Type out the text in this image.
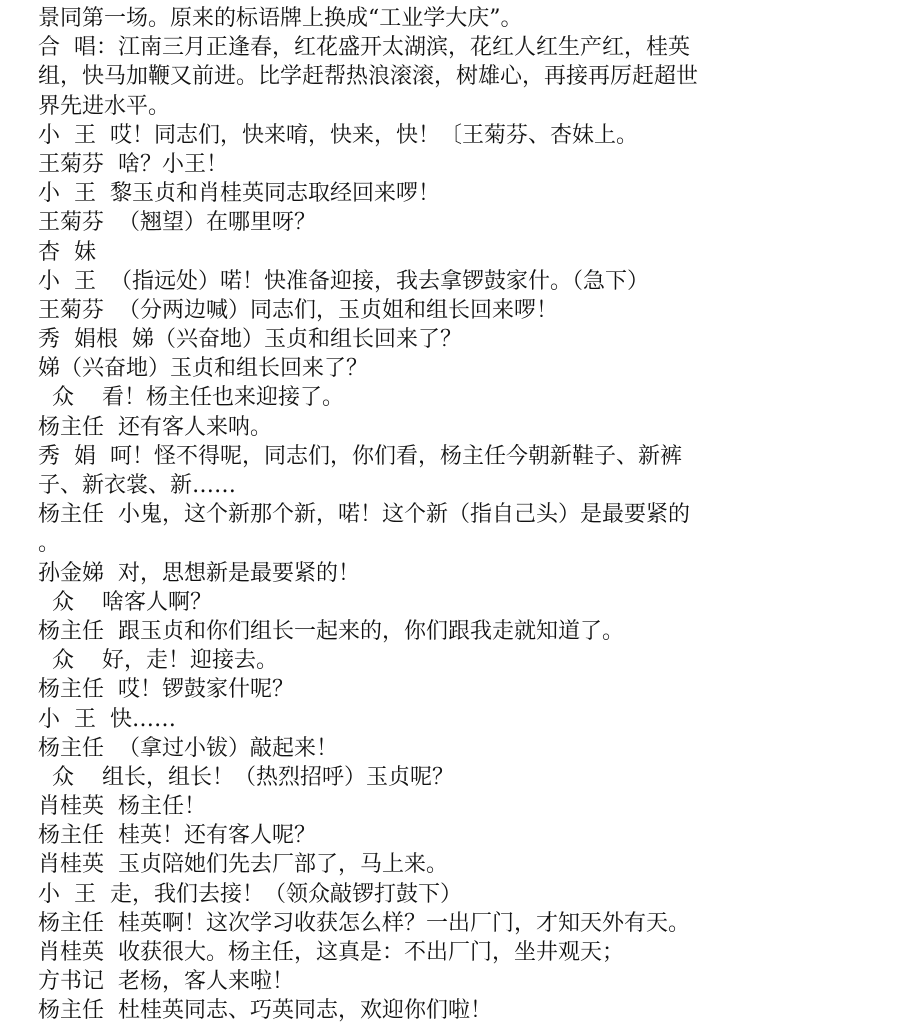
景同第一场。原来的标语牌上换成“工业学大庆”。
合  唱：江南三月正逢春，红花盛开太湖滨，花红人红生产红，桂英
组，快马加鞭又前进。比学赶帮热浪滚滚，树雄心，再接再厉赶超世
界先进水平。
小  王  哎！同志们，快来唷，快来，快！〔王菊芬、杏妹上。
王菊芬  啥？小王！
小  王  黎玉贞和肖桂英同志取经回来啰！
王菊芬  （翘望）在哪里呀？
杏  妹
小  王  （指远处）喏！快准备迎接，我去拿锣鼓家什。（急下）
王菊芬  （分两边喊）同志们，玉贞姐和组长回来啰！
秀  娟根  娣（兴奋地）玉贞和组长回来了？
娣（兴奋地）玉贞和组长回来了？
众    看！杨主任也来迎接了。
杨主任  还有客人来呐。
秀  娟  呵！怪不得呢，同志们，你们看，杨主任今朝新鞋子、新裤
子、新衣裳、新……
杨主任  小鬼，这个新那个新，喏！这个新（指自己头）是最要紧的
。
孙金娣  对，思想新是最要紧的！
众    啥客人啊？
杨主任  跟玉贞和你们组长一起来的，你们跟我走就知道了。
众    好，走！迎接去。
杨主任  哎！锣鼓家什呢？
小  王  快……
杨主任  （拿过小钹）敲起来！
众    组长，组长！（热烈招呼）玉贞呢？
肖桂英  杨主任！
杨主任  桂英！还有客人呢？
肖桂英  玉贞陪她们先去厂部了，马上来。
小  王  走，我们去接！（领众敲锣打鼓下）
杨主任  桂英啊！这次学习收获怎么样？一出厂门，才知天外有天。
肖桂英  收获很大。杨主任，这真是：不出厂门，坐井观天；
方书记  老杨，客人来啦！
杨主任  杜桂英同志、巧英同志，欢迎你们啦！
